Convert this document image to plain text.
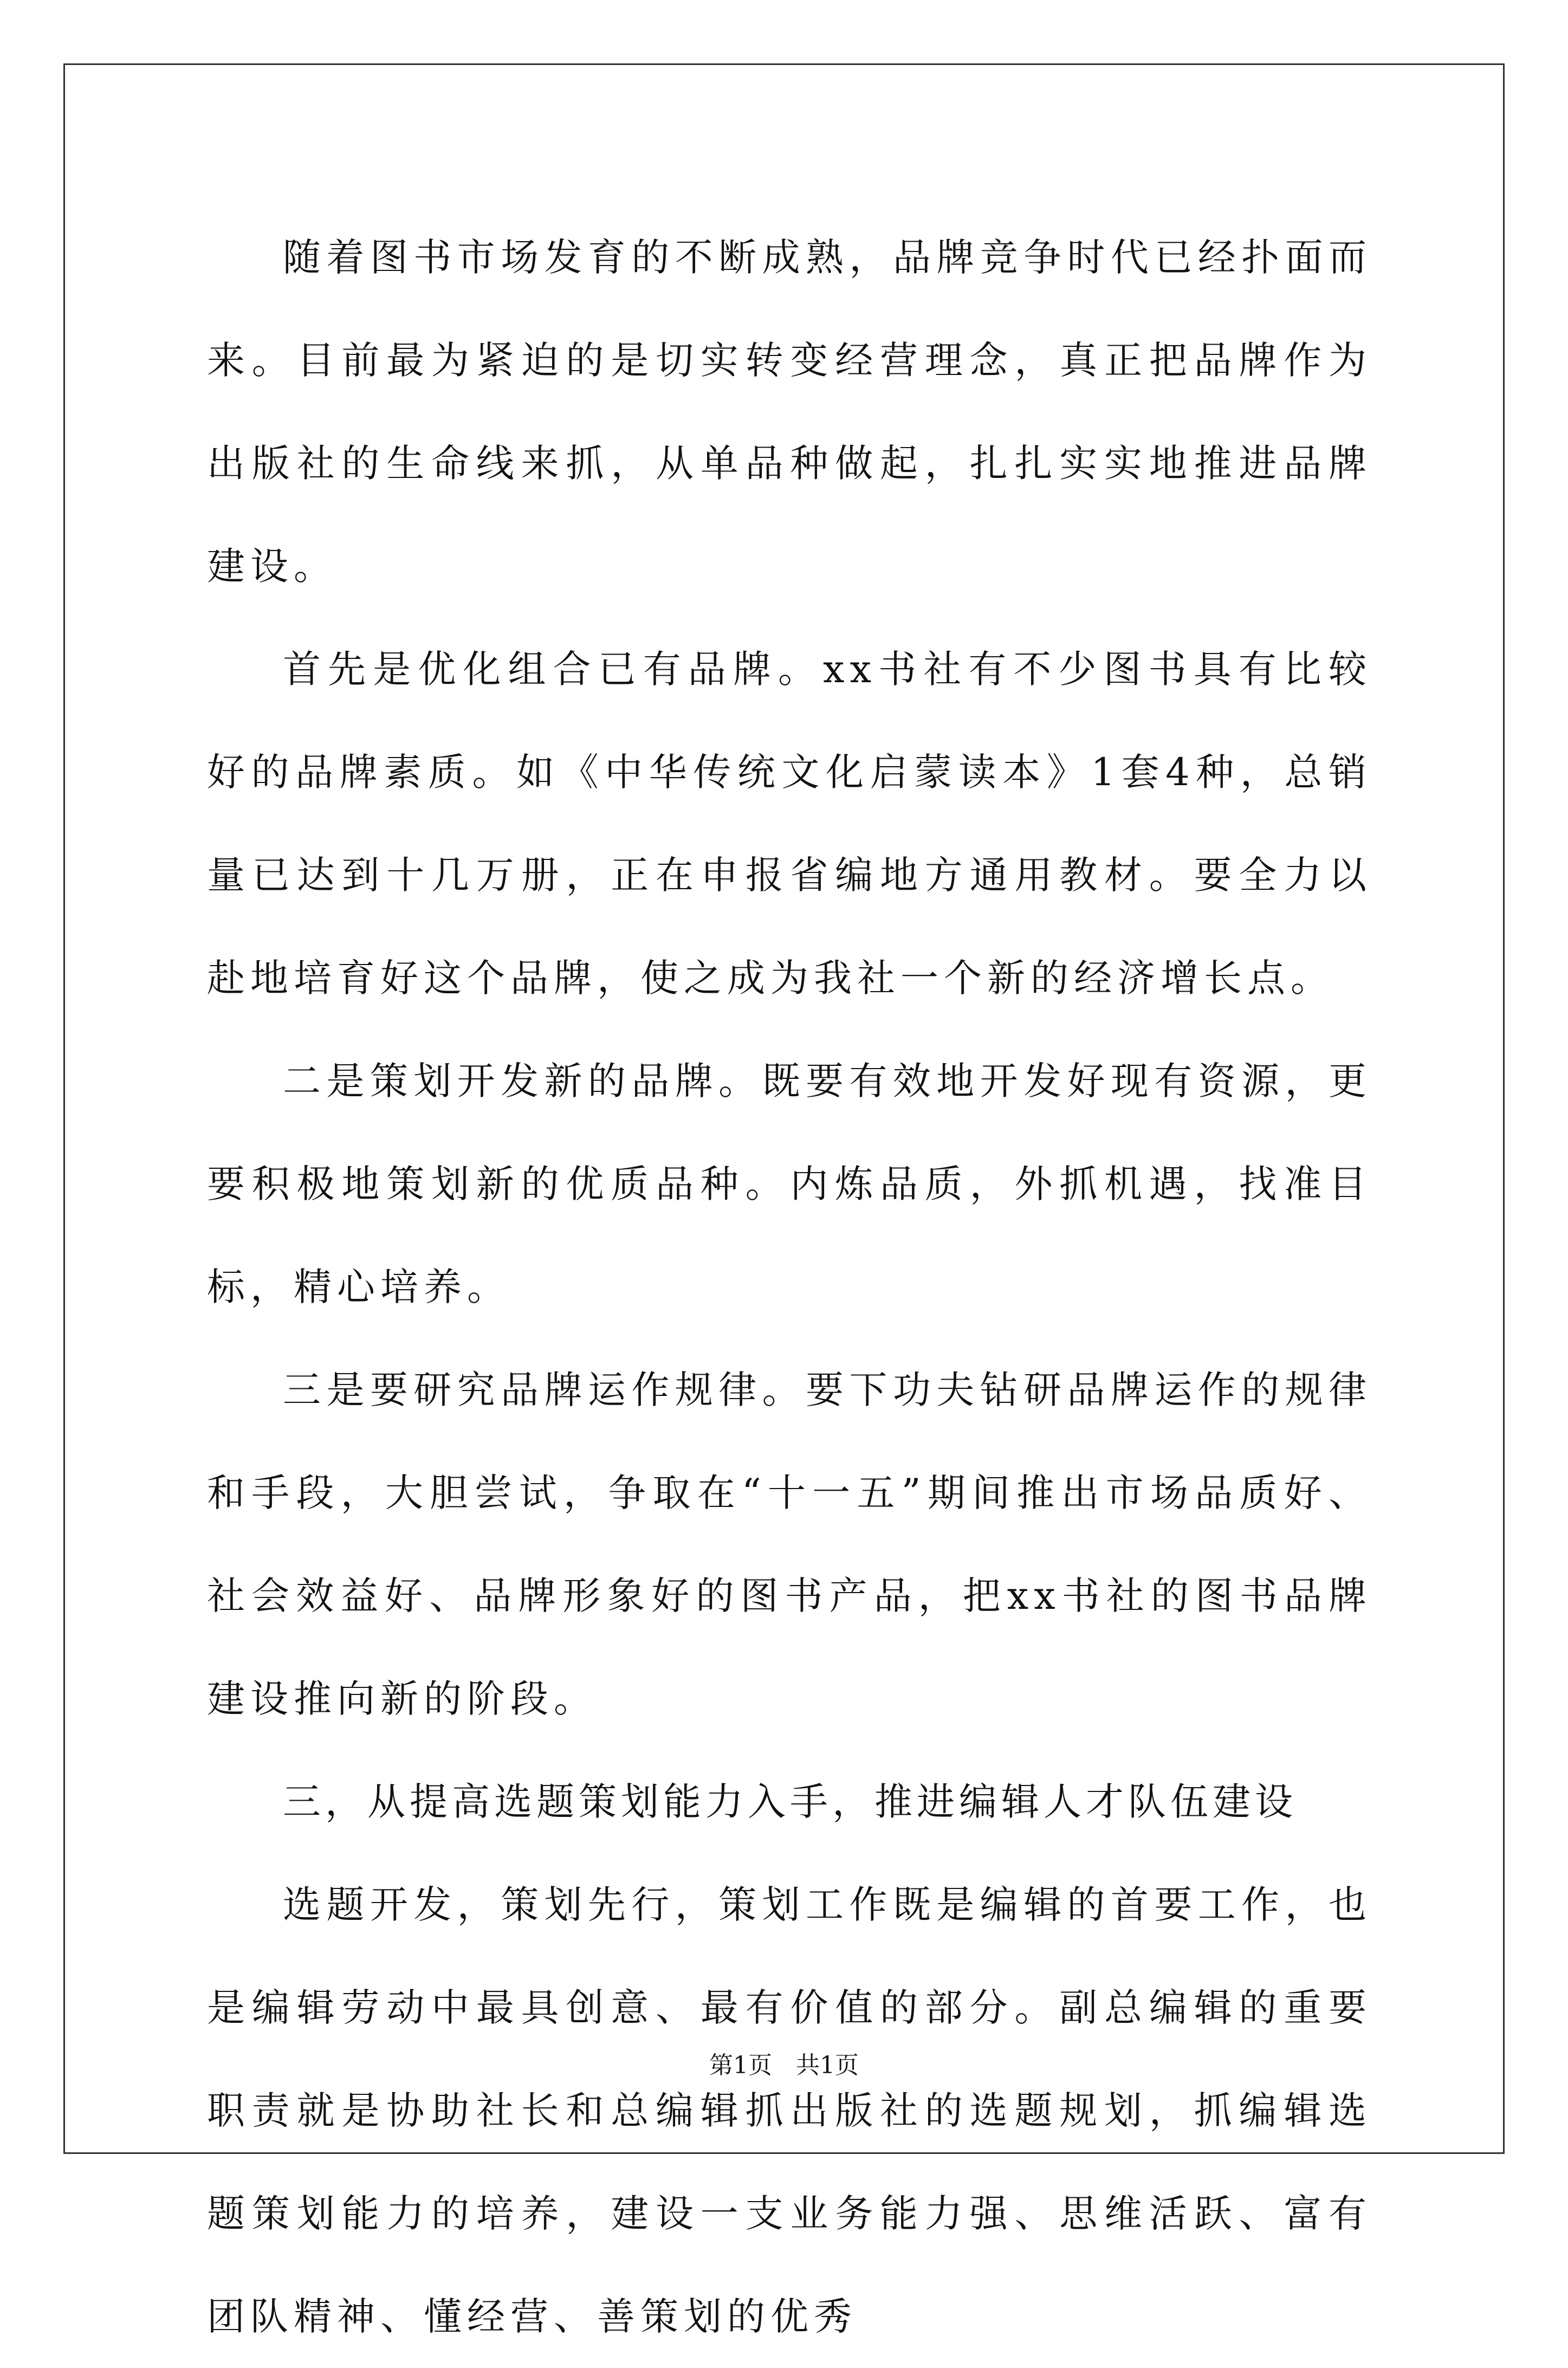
随着图书市场发育的不断成熟，品牌竞争时代已经扑面而来。目前最为紧迫的是切实转变经营理念，真正把品牌作为出版社的生命线来抓，从单品种做起，扎扎实实地推进品牌建设。

首先是优化组合已有品牌。xx书社有不少图书具有比较好的品牌素质。如《中华传统文化启蒙读本》1套4种，总销量已达到十几万册，正在申报省编地方通用教材。要全力以赴地培育好这个品牌，使之成为我社一个新的经济增长点。

二是策划开发新的品牌。既要有效地开发好现有资源，更要积极地策划新的优质品种。内炼品质，外抓机遇，找准目标，精心培养。

三是要研究品牌运作规律。要下功夫钻研品牌运作的规律和手段，大胆尝试，争取在“十一五”期间推出市场品质好、社会效益好、品牌形象好的图书产品，把xx书社的图书品牌建设推向新的阶段。

三，从提高选题策划能力入手，推进编辑人才队伍建设

选题开发，策划先行，策划工作既是编辑的首要工作，也是编辑劳动中最具创意、最有价值的部分。副总编辑的重要职责就是协助社长和总编辑抓出版社的选题规划，抓编辑选题策划能力的培养，建设一支业务能力强、思维活跃、富有团队精神、懂经营、善策划的优秀

第1页 共1页
